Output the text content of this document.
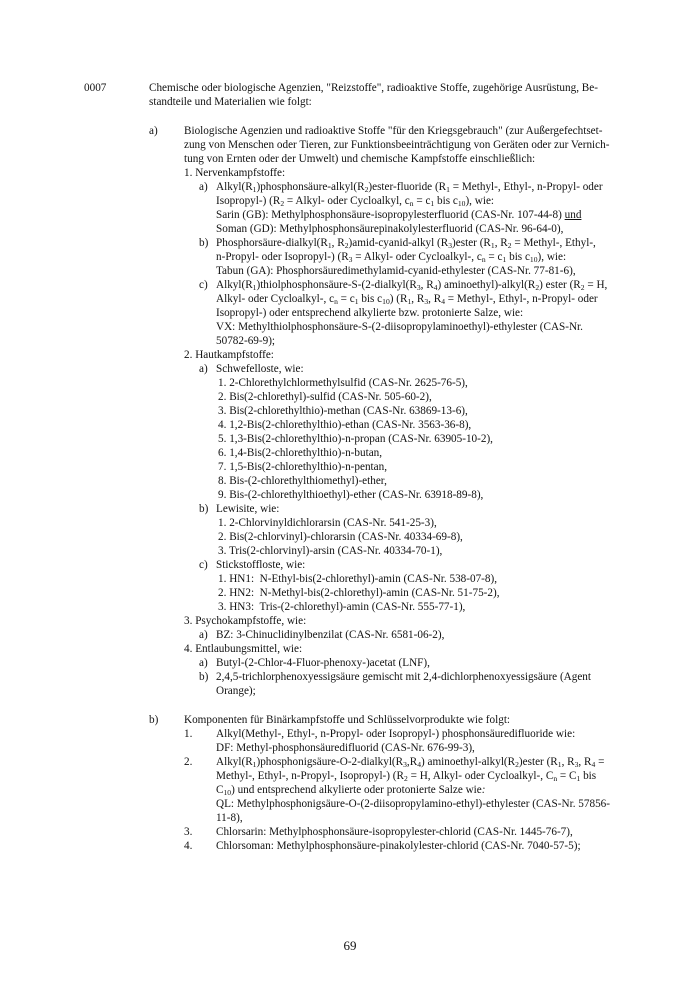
0007	Chemische oder biologische Agenzien, "Reizstoffe", radioaktive Stoffe, zugehörige Ausrüstung, Be-
standteile und Materialien wie folgt:
a) Biologische Agenzien und radioaktive Stoffe "für den Kriegsgebrauch" (zur Außergefechtset-
zung von Menschen oder Tieren, zur Funktionsbeeinträchtigung von Geräten oder zur Vernich-
tung von Ernten oder der Umwelt) und chemische Kampfstoffe einschließlich:
1. Nervenkampfstoffe:
a) $Alkyl(R_1)phosphonsäure-alkyl(R_2)ester$-fluoride ($R_1$ = Methyl-, Ethyl-, n-Propyl- oder
Isopropyl-) ($R_2$ = Alkyl- oder Cycloalkyl, $c_n = c_1$ bis $c_{10}$), wie:
Sarin (GB): Methylphosphonsäure-isopropylesterfluorid (CAS-Nr. 107-44-8) und
Soman (GD): Methylphosphonsäurepinakolylesterfluorid (CAS-Nr. 96-64-0),
b) Phosphorsäure-$dialkyl(R_1$, $R_2)amid-cyanid$-alkyl $(R_3)ester$ ($R_1$, $R_2$ = Methyl-, Ethyl-,
n-Propyl- oder Isopropyl-) ($R_3$ = Alkyl- oder Cycloalkyl-, $c_n = c_1$ bis $c_{10}$), wie:
Tabun (GA): Phosphorsäuredimethylamid-cyanid-ethylester (CAS-Nr. 77-81-6),
c) $Alkyl(R_1)thiolphosphonsäure-S-(2-dialkyl(R_3$, $R_4$) $aminoethyl)-alkyl(R_2)$ ester ($R_2 = H$,
Alkyl- oder Cycloalkyl-, $c_n = c_1$ bis $c_{10}$) ($R_1$, $R_3$, $R_4$ = Methyl-, Ethyl-, n-Propyl- oder
Isopropyl-) oder entsprechend alkylierte bzw. protonierte Salze, wie:
VX: Methylthiolphosphonsäure-S-(2-diisopropylaminoethyl)-ethylester (CAS-Nr.
50782-69-9);
2. Hautkampfstoffe:
a) Schwefelloste, wie:
1. 2-Chlorethylchlormethylsulfid (CAS-Nr. 2625-76-5),
2. Bis(2-chlorethyl)-sulfid (CAS-Nr. 505-60-2),
3. Bis(2-chlorethylthio)-methan (CAS-Nr. 63869-13-6),
4. 1,2-Bis(2-chlorethylthio)-ethan (CAS-Nr. 3563-36-8),
5. 1,3-Bis(2-chlorethylthio)-n-propan (CAS-Nr. 63905-10-2),
6. 1,4-Bis(2-chlorethylthio)-n-butan,
7. 1,5-Bis(2-chlorethylthio)-n-pentan,
8. Bis-(2-chlorethylthiomethyl)-ether,
9. Bis-(2-chlorethylthioethyl)-ether (CAS-Nr. 63918-89-8),
b) Lewisite, wie:
1. 2-Chlorvinyldichlorarsin (CAS-Nr. 541-25-3),
2. Bis(2-chlorvinyl)-chlorarsin (CAS-Nr. 40334-69-8),
3. Tris(2-chlorvinyl)-arsin (CAS-Nr. 40334-70-1),
c) Stickstoffloste, wie:
1. HN1:  N-Ethyl-bis(2-chlorethyl)-amin (CAS-Nr. 538-07-8),
2. HN2:  N-Methyl-bis(2-chlorethyl)-amin (CAS-Nr. 51-75-2),
3. HN3:  Tris-(2-chlorethyl)-amin (CAS-Nr. 555-77-1),
3. Psychokampfstoffe, wie:
a) BZ: 3-Chinuclidinylbenzilat (CAS-Nr. 6581-06-2),
4. Entlaubungsmittel, wie:
a) Butyl-(2-Chlor-4-Fluor-phenoxy-)acetat (LNF),
b) 2,4,5-trichlorphenoxyessigsäure gemischt mit 2,4-dichlorphenoxyessigsäure (Agent
Orange);
b) Komponenten für Binärkampfstoffe und Schlüsselvorprodukte wie folgt:
1. Alkyl(Methyl-, Ethyl-, n-Propyl- oder Isopropyl-) phosphonsäuredifluoride wie:
DF: Methyl-phosphonsäuredifluorid (CAS-Nr. 676-99-3),
2. $Alkyl(R_1)phosphonigsäure-O-2-dialkyl(R_3,R_4)$ aminoethyl-$alkyl(R_2)ester$ ($R_1$, $R_3$, $R_4$ =
Methyl-, Ethyl-, n-Propyl-, Isopropyl-) ($R_2 = H$, Alkyl- oder Cycloalkyl-, $C_n = C_1$ bis
$C_{10}$) und entsprechend alkylierte oder protonierte Salze wie:
QL: Methylphosphonigsäure-O-(2-diisopropylamino-ethyl)-ethylester (CAS-Nr. 57856-
11-8),
3. Chlorsarin: Methylphosphonsäure-isopropylester-chlorid (CAS-Nr. 1445-76-7),
4. Chlorsoman: Methylphosphonsäure-pinakolylester-chlorid (CAS-Nr. 7040-57-5);
69
